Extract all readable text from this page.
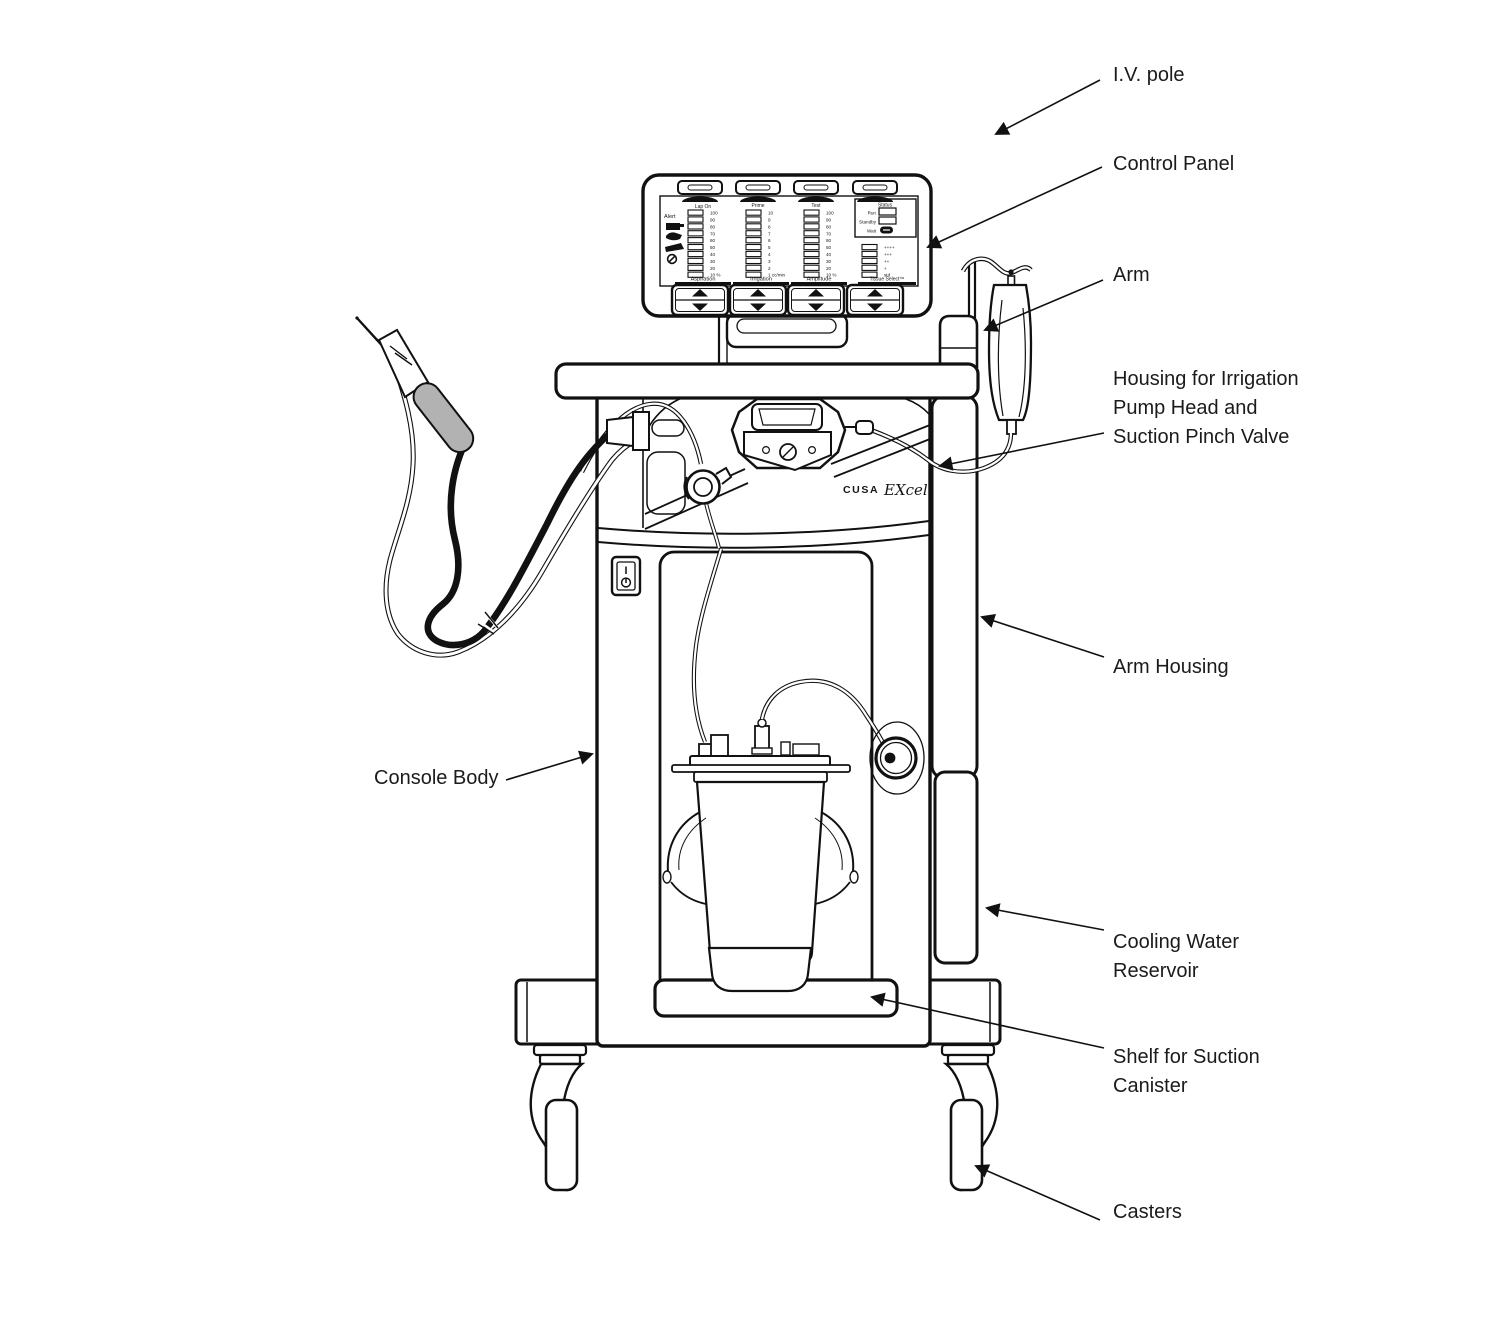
CUSA EXcel
Lap On	Prime	Test
Alert
100
90
80
70
60
50
40
30
20
10 %
10
9
8
7
6
5
4
3
2
1 cc/min
100
90
80
70
60
50
40
30
20
10 %
++++
+++
++
+
std
Status
Run
Standby
Wait
Aspiration	Irrigation	Amplitude	Tissue Select™
I.V. pole
Control Panel
Arm
Housing for Irrigation
Pump Head and
Suction Pinch Valve
Arm Housing
Console Body
Cooling Water
Reservoir
Shelf for Suction
Canister
Casters
